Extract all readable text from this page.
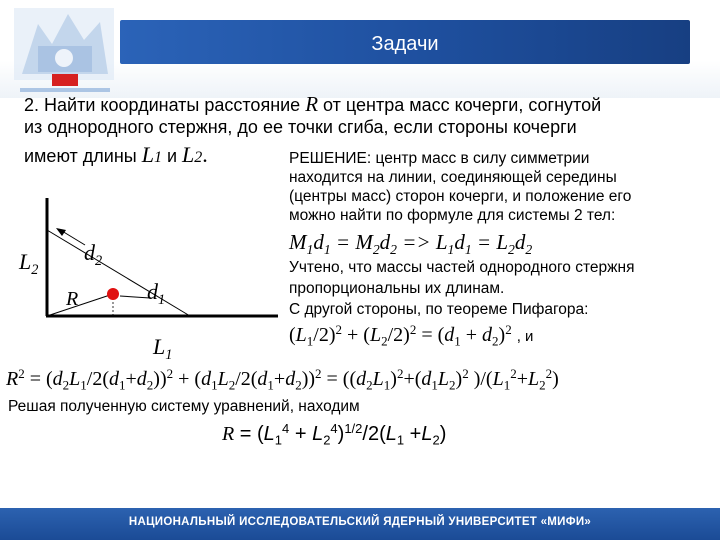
Задачи
2. Найти координаты расстояние R от центра масс кочерги, согнутой
из однородного стержня, до ее точки сгиба, если стороны кочерги
имеют длины L1 и L2.	РЕШЕНИЕ: центр масс в силу симметрии
находится на линии, соединяющей середины
(центры масс) сторон кочерги, и положение его
можно найти по формуле для системы 2 тел:
$M_1d_1 = M_2d_2 => L_1d_1 = L_2d_2$
Учтено, что массы частей однородного стержня
пропорциональны их длинам.
С другой стороны, по теореме Пифагора:
$(L_1/2)^2 + (L_2/2)^2 = (d_1 + d_2)^2$ , и
$R^2 = (d_2L_1/2(d_1+d_2))^2 + (d_1L_2/2(d_1+d_2))^2 = ((d_2L_1)^2+(d_1L_2)^2$ )$/(L_1^2+L_2^2)$
Решая полученную систему уравнений, находим
$R = (L_1^4 + L_2^4)^{1/2}/2(L_1 +L_2)$
$L_2$
$d_2$
R	$d_1$
$L_1$
НАЦИОНАЛЬНЫЙ ИССЛЕДОВАТЕЛЬСКИЙ ЯДЕРНЫЙ УНИВЕРСИТЕТ «МИФИ»
